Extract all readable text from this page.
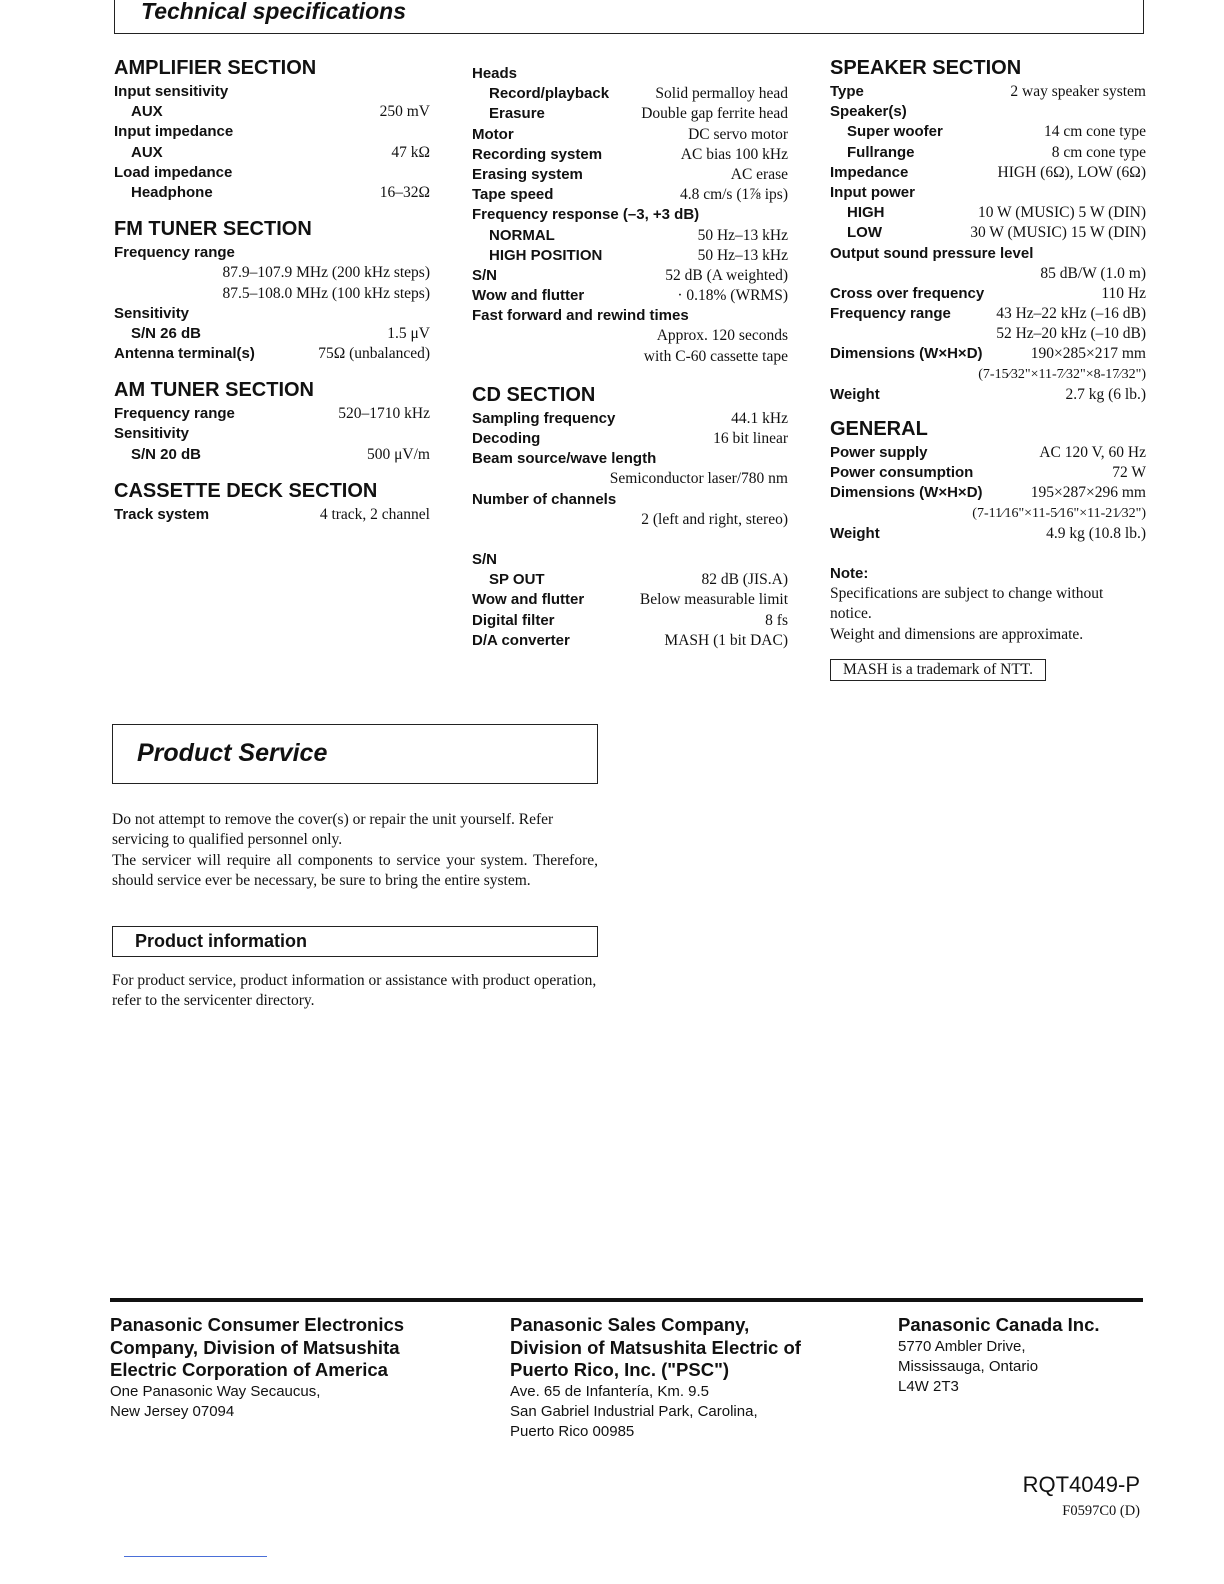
Technical specifications
AMPLIFIER SECTION
Input sensitivity
AUX	250 mV
Input impedance
AUX	47 kΩ
Load impedance
Headphone	16–32Ω
FM TUNER SECTION
Frequency range
87.9–107.9 MHz (200 kHz steps)
87.5–108.0 MHz (100 kHz steps)
Sensitivity
S/N 26 dB	1.5 μV
Antenna terminal(s)	75Ω (unbalanced)
AM TUNER SECTION
Frequency range	520–1710 kHz
Sensitivity
S/N 20 dB	500 μV/m
CASSETTE DECK SECTION
Track system	4 track, 2 channel
Heads
Record/playback	Solid permalloy head
Erasure	Double gap ferrite head
Motor	DC servo motor
Recording system	AC bias 100 kHz
Erasing system	AC erase
Tape speed	4.8 cm/s (1⅞ ips)
Frequency response (–3, +3 dB)
NORMAL	50 Hz–13 kHz
HIGH POSITION	50 Hz–13 kHz
S/N	52 dB (A weighted)
Wow and flutter	· 0.18% (WRMS)
Fast forward and rewind times
Approx. 120 seconds
with C-60 cassette tape
CD SECTION
Sampling frequency	44.1 kHz
Decoding	16 bit linear
Beam source/wave length
Semiconductor laser/780 nm
Number of channels
2 (left and right, stereo)
S/N
SP OUT	82 dB (JIS.A)
Wow and flutter	Below measurable limit
Digital filter	8 fs
D/A converter	MASH (1 bit DAC)
SPEAKER SECTION
Type	2 way speaker system
Speaker(s)
Super woofer	14 cm cone type
Fullrange	8 cm cone type
Impedance	HIGH (6Ω), LOW (6Ω)
Input power
HIGH	10 W (MUSIC) 5 W (DIN)
LOW	30 W (MUSIC) 15 W (DIN)
Output sound pressure level
85 dB/W (1.0 m)
Cross over frequency	110 Hz
Frequency range	43 Hz–22 kHz (–16 dB)
52 Hz–20 kHz (–10 dB)
Dimensions (W×H×D)	190×285×217 mm
(7-15⁄32"×11-7⁄32"×8-17⁄32")
Weight	2.7 kg (6 lb.)
GENERAL
Power supply	AC 120 V, 60 Hz
Power consumption	72 W
Dimensions (W×H×D)	195×287×296 mm
(7-11⁄16"×11-5⁄16"×11-21⁄32")
Weight	4.9 kg (10.8 lb.)
Note:
Specifications are subject to change without notice.
Weight and dimensions are approximate.
MASH is a trademark of NTT.
Product Service
Do not attempt to remove the cover(s) or repair the unit yourself. Refer servicing to qualified personnel only.
The servicer will require all components to service your system. Therefore, should service ever be necessary, be sure to bring the entire system.
Product information
For product service, product information or assistance with product operation, refer to the servicenter directory.
Panasonic Consumer Electronics
Company, Division of Matsushita
Electric Corporation of America
One Panasonic Way Secaucus,
New Jersey 07094
Panasonic Sales Company,
Division of Matsushita Electric of
Puerto Rico, Inc. ("PSC")
Ave. 65 de Infantería, Km. 9.5
San Gabriel Industrial Park, Carolina,
Puerto Rico 00985
Panasonic Canada Inc.
5770 Ambler Drive,
Mississauga, Ontario
L4W 2T3
RQT4049-P
F0597C0 (D)
